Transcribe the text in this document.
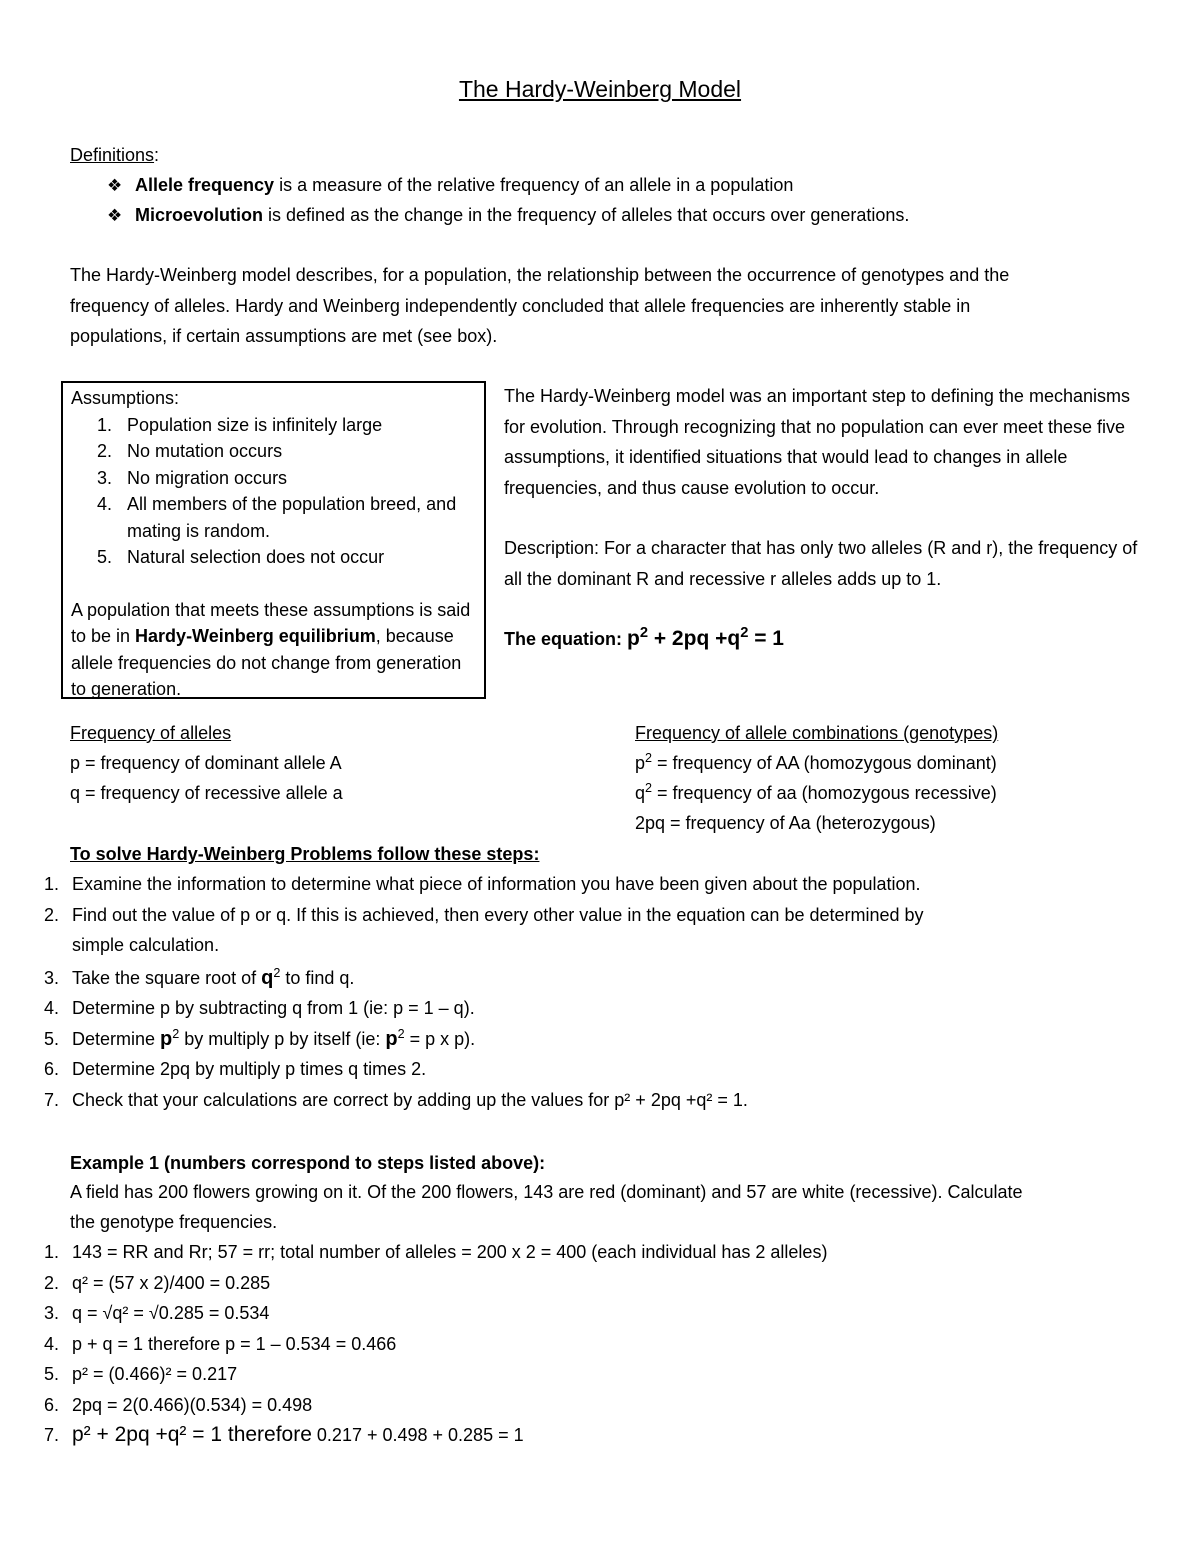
The Hardy-Weinberg Model
Definitions:
❖ Allele frequency is a measure of the relative frequency of an allele in a population
❖ Microevolution is defined as the change in the frequency of alleles that occurs over generations.
The Hardy-Weinberg model describes, for a population, the relationship between the occurrence of genotypes and the
frequency of alleles. Hardy and Weinberg independently concluded that allele frequencies are inherently stable in
populations, if certain assumptions are met (see box).
Assumptions:
1. Population size is infinitely large
2. No mutation occurs
3. No migration occurs
4. All members of the population breed, and mating is random.
5. Natural selection does not occur
A population that meets these assumptions is said to be in Hardy-Weinberg equilibrium, because allele frequencies do not change from generation to generation.
The Hardy-Weinberg model was an important step to defining the mechanisms for evolution. Through recognizing that no population can ever meet these five assumptions, it identified situations that would lead to changes in allele frequencies, and thus cause evolution to occur.
Description: For a character that has only two alleles (R and r), the frequency of all the dominant R and recessive r alleles adds up to 1.
The equation: $p^2 + 2pq +q^2 = 1$
Frequency of alleles
p = frequency of dominant allele A
q = frequency of recessive allele a
Frequency of allele combinations (genotypes)
$p^2$ = frequency of AA (homozygous dominant)
$q^2$ = frequency of aa (homozygous recessive)
2pq = frequency of Aa (heterozygous)
To solve Hardy-Weinberg Problems follow these steps:
1. Examine the information to determine what piece of information you have been given about the population.
2. Find out the value of p or q. If this is achieved, then every other value in the equation can be determined by
simple calculation.
3. Take the square root of $q^2$ to find q.
4. Determine p by subtracting q from 1 (ie: p = 1 – q).
5. Determine $p^2$ by multiply p by itself (ie: $p^2 = p$ x p).
6. Determine 2pq by multiply p times q times 2.
7. Check that your calculations are correct by adding up the values for p² + 2pq +q² = 1.
Example 1 (numbers correspond to steps listed above):
A field has 200 flowers growing on it. Of the 200 flowers, 143 are red (dominant) and 57 are white (recessive). Calculate
the genotype frequencies.
1. 143 = RR and Rr; 57 = rr; total number of alleles = 200 x 2 = 400 (each individual has 2 alleles)
2. q² = (57 x 2)/400 = 0.285
3. q = √q² = √0.285 = 0.534
4. p + q = 1 therefore p = 1 – 0.534 = 0.466
5. p² = (0.466)² = 0.217
6. 2pq = 2(0.466)(0.534) = 0.498
7. p² + 2pq +q² = 1 therefore 0.217 + 0.498 + 0.285 = 1
